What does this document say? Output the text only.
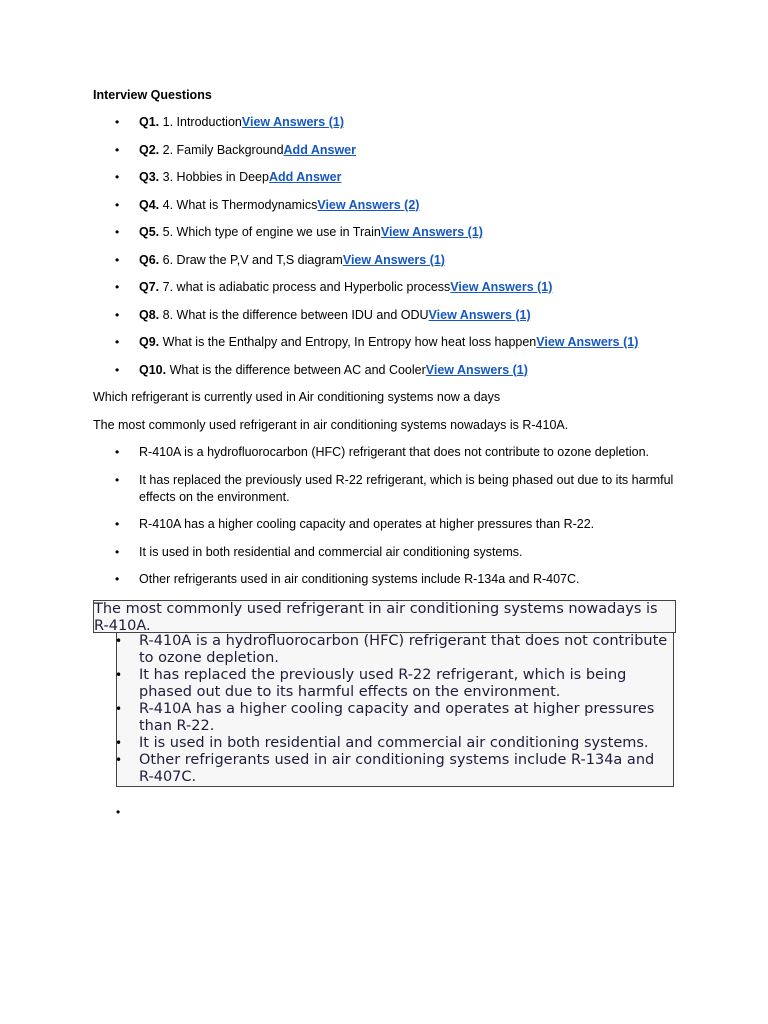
Interview Questions
• Q1. 1. IntroductionView Answers (1)
• Q2. 2. Family BackgroundAdd Answer
• Q3. 3. Hobbies in DeepAdd Answer
• Q4. 4. What is ThermodynamicsView Answers (2)
• Q5. 5. Which type of engine we use in TrainView Answers (1)
• Q6. 6. Draw the P,V and T,S diagramView Answers (1)
• Q7. 7. what is adiabatic process and Hyperbolic processView Answers (1)
• Q8. 8. What is the difference between IDU and ODUView Answers (1)
• Q9. What is the Enthalpy and Entropy, In Entropy how heat loss happenView Answers (1)
• Q10. What is the difference between AC and CoolerView Answers (1)

Which refrigerant is currently used in Air conditioning systems now a days

The most commonly used refrigerant in air conditioning systems nowadays is R-410A.

• R-410A is a hydrofluorocarbon (HFC) refrigerant that does not contribute to ozone depletion.
• It has replaced the previously used R-22 refrigerant, which is being phased out due to its harmful effects on the environment.
• R-410A has a higher cooling capacity and operates at higher pressures than R-22.
• It is used in both residential and commercial air conditioning systems.
• Other refrigerants used in air conditioning systems include R-134a and R-407C.
The most commonly used refrigerant in air conditioning systems nowadays is R-410A.
• R-410A is a hydrofluorocarbon (HFC) refrigerant that does not contribute to ozone depletion.
• It has replaced the previously used R-22 refrigerant, which is being phased out due to its harmful effects on the environment.
• R-410A has a higher cooling capacity and operates at higher pressures than R-22.
• It is used in both residential and commercial air conditioning systems.
• Other refrigerants used in air conditioning systems include R-134a and R-407C.
•
